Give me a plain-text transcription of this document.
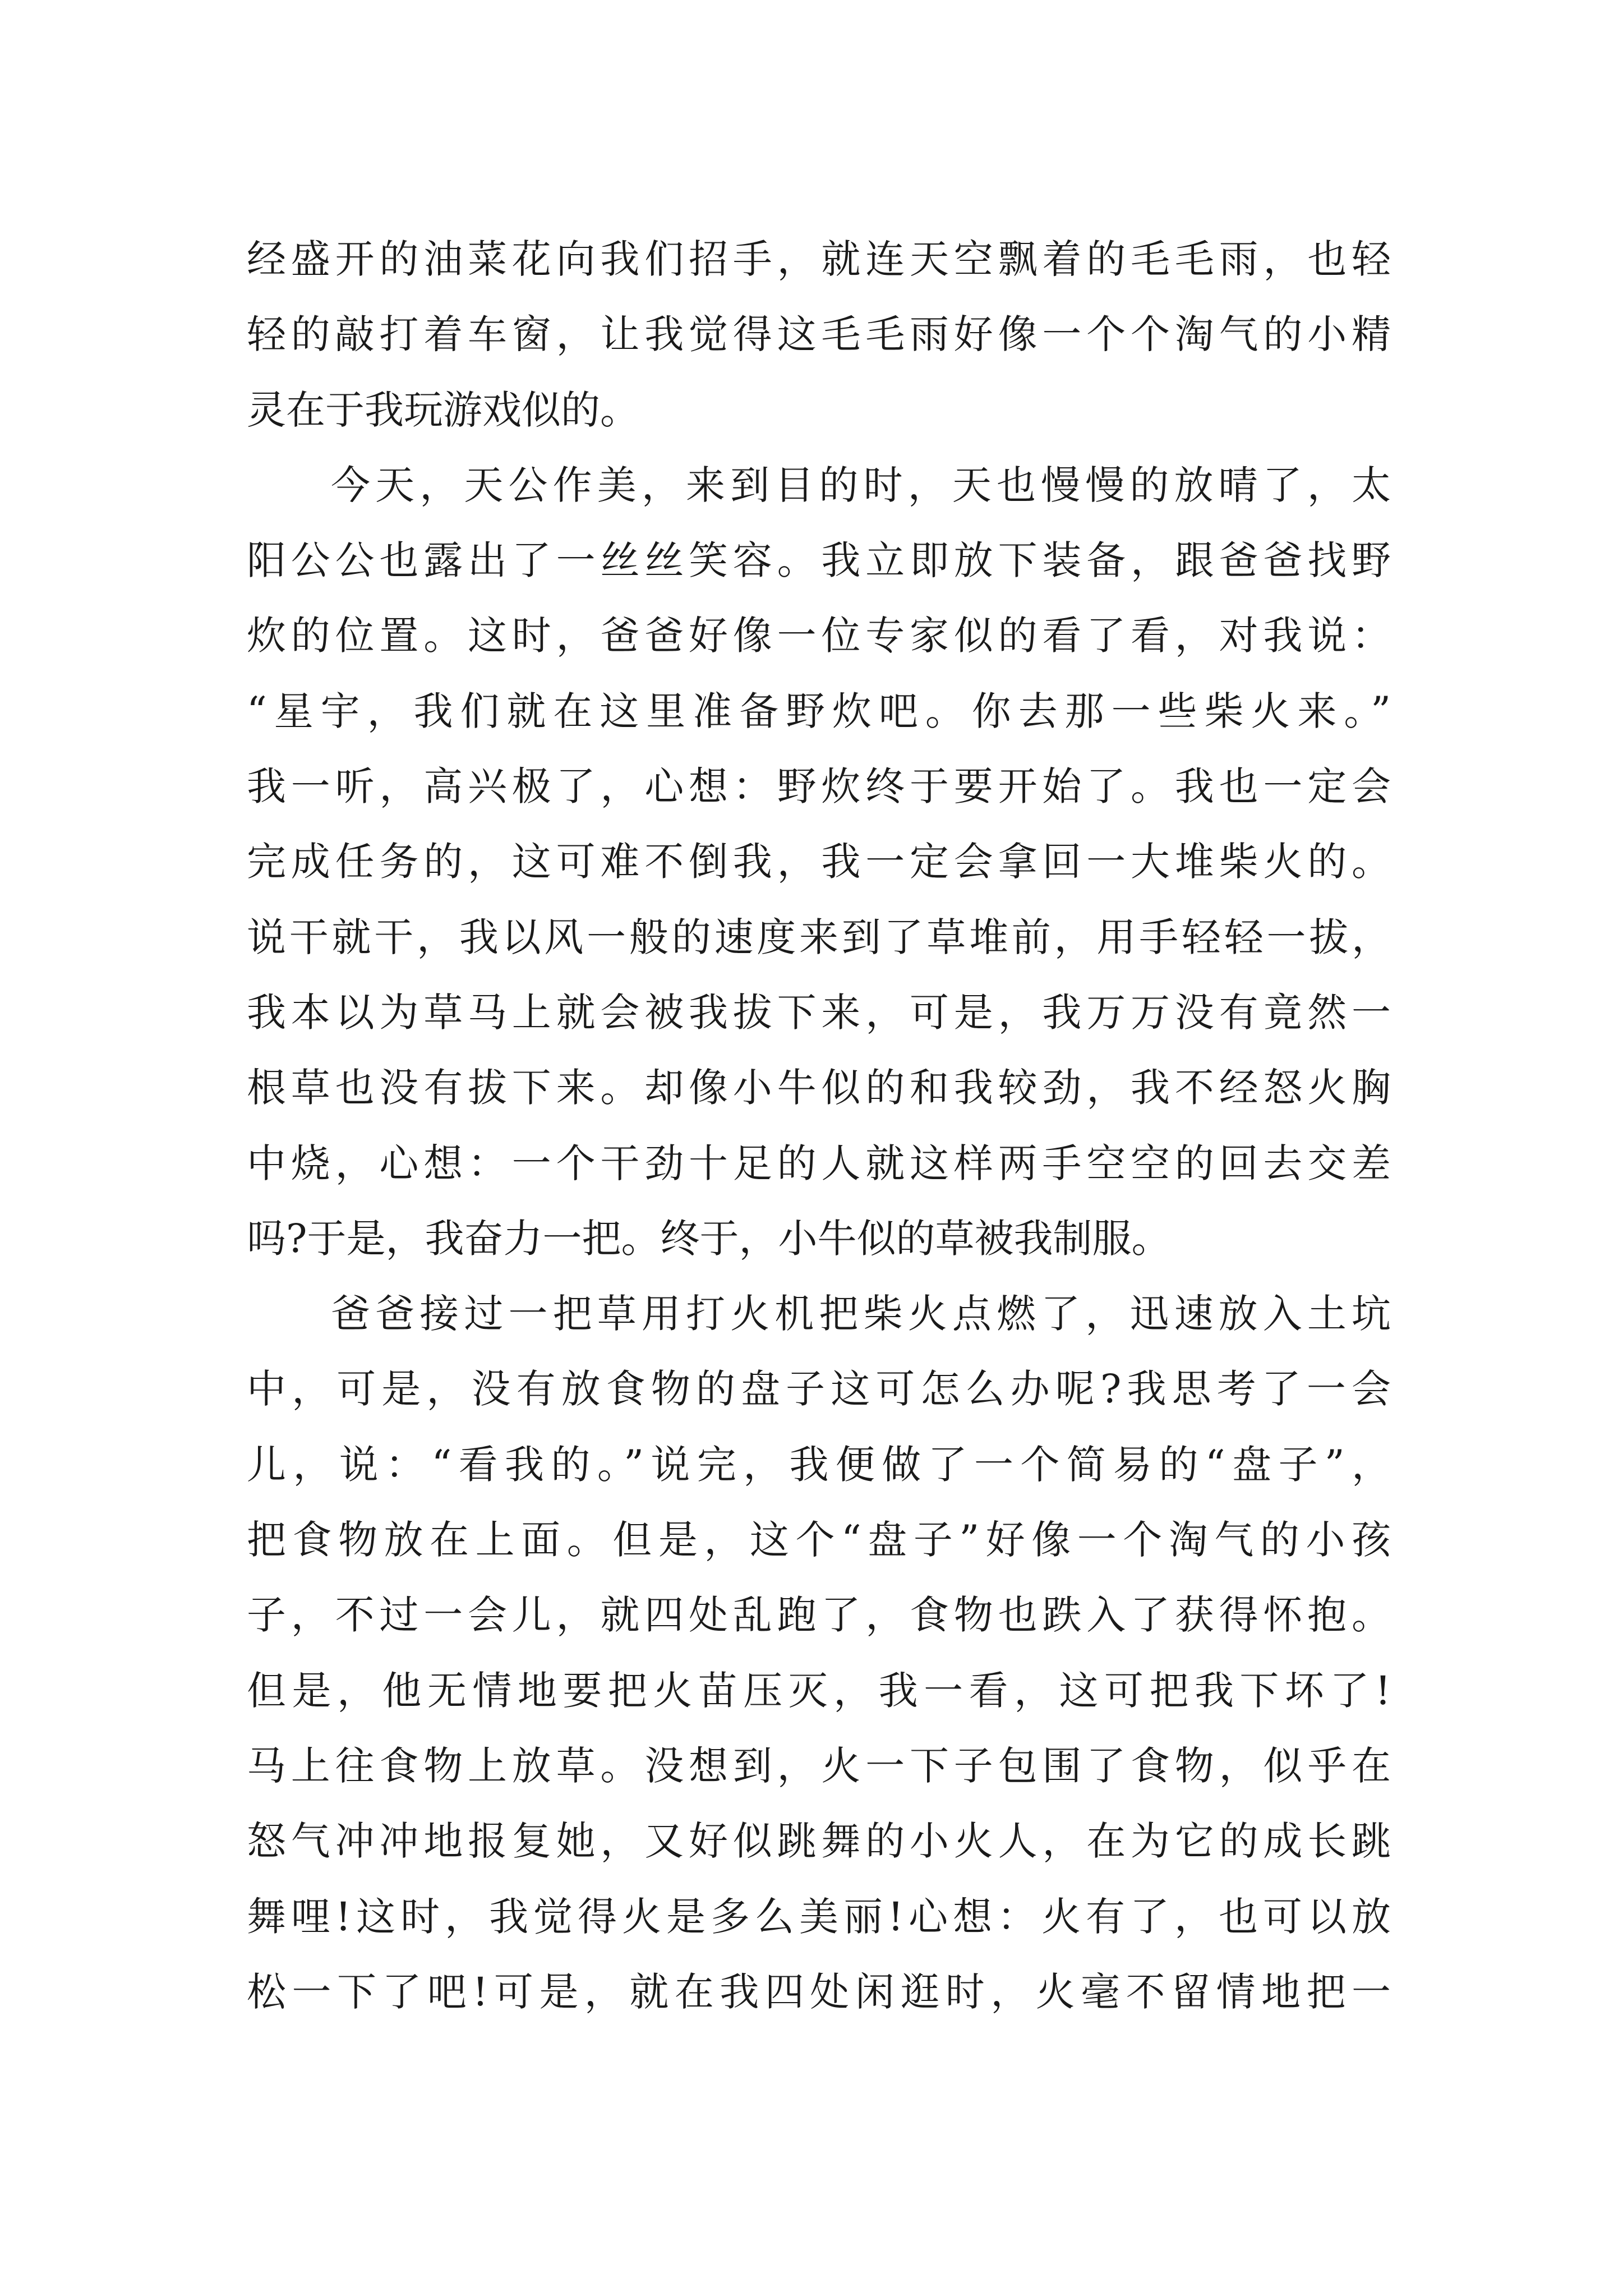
经盛开的油菜花向我们招手，就连天空飘着的毛毛雨，也轻
轻的敲打着车窗，让我觉得这毛毛雨好像一个个淘气的小精
灵在于我玩游戏似的。
今天，天公作美，来到目的时，天也慢慢的放晴了，太
阳公公也露出了一丝丝笑容。我立即放下装备，跟爸爸找野
炊的位置。这时，爸爸好像一位专家似的看了看，对我说：
“星宇，我们就在这里准备野炊吧。你去那一些柴火来。”
我一听，高兴极了，心想：野炊终于要开始了。我也一定会
完成任务的，这可难不倒我，我一定会拿回一大堆柴火的。
说干就干，我以风一般的速度来到了草堆前，用手轻轻一拔，
我本以为草马上就会被我拔下来，可是，我万万没有竟然一
根草也没有拔下来。却像小牛似的和我较劲，我不经怒火胸
中烧，心想：一个干劲十足的人就这样两手空空的回去交差
吗?于是，我奋力一把。终于，小牛似的草被我制服。
爸爸接过一把草用打火机把柴火点燃了，迅速放入土坑
中，可是，没有放食物的盘子这可怎么办呢?我思考了一会
儿，说：“看我的。”说完，我便做了一个简易的“盘子”，
把食物放在上面。但是，这个“盘子”好像一个淘气的小孩
子，不过一会儿，就四处乱跑了，食物也跌入了获得怀抱。
但是，他无情地要把火苗压灭，我一看，这可把我下坏了!
马上往食物上放草。没想到，火一下子包围了食物，似乎在
怒气冲冲地报复她，又好似跳舞的小火人，在为它的成长跳
舞哩!这时，我觉得火是多么美丽!心想：火有了，也可以放
松一下了吧!可是，就在我四处闲逛时，火毫不留情地把一
